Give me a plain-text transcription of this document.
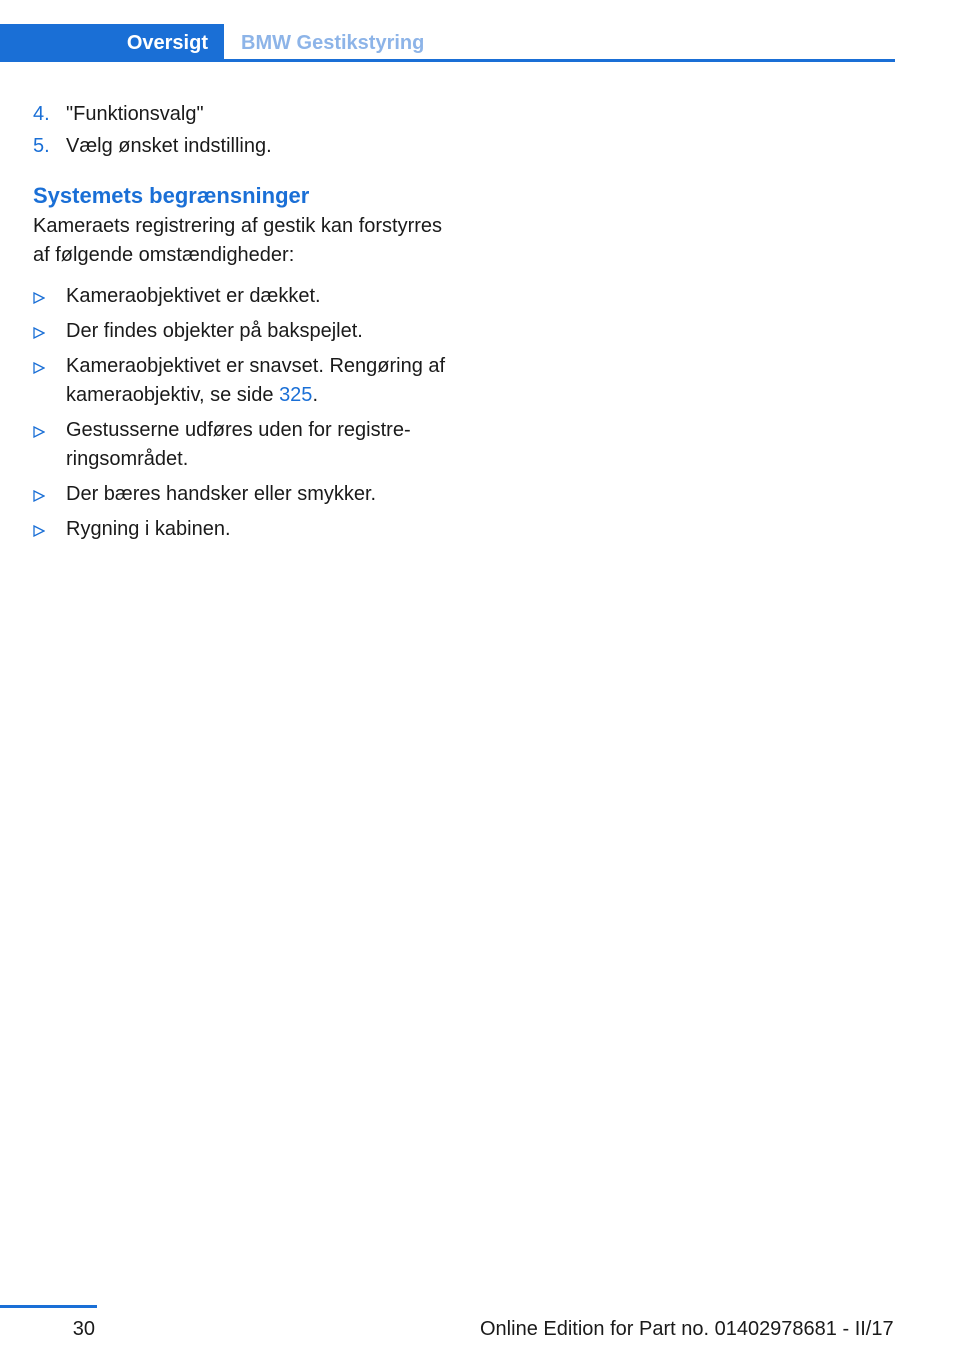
Oversigt	BMW Gestikstyring
4. "Funktionsvalg"
5. Vælg ønsket indstilling.
Systemets begrænsninger
Kameraets registrering af gestik kan forstyrres af følgende omstændigheder:
Kameraobjektivet er dækket.
Der findes objekter på bakspejlet.
Kameraobjektivet er snavset. Rengøring af kameraobjektiv, se side 325.
Gestusserne udføres uden for registre-ringsområdet.
Der bæres handsker eller smykker.
Rygning i kabinen.
30	Online Edition for Part no. 01402978681 - II/17
